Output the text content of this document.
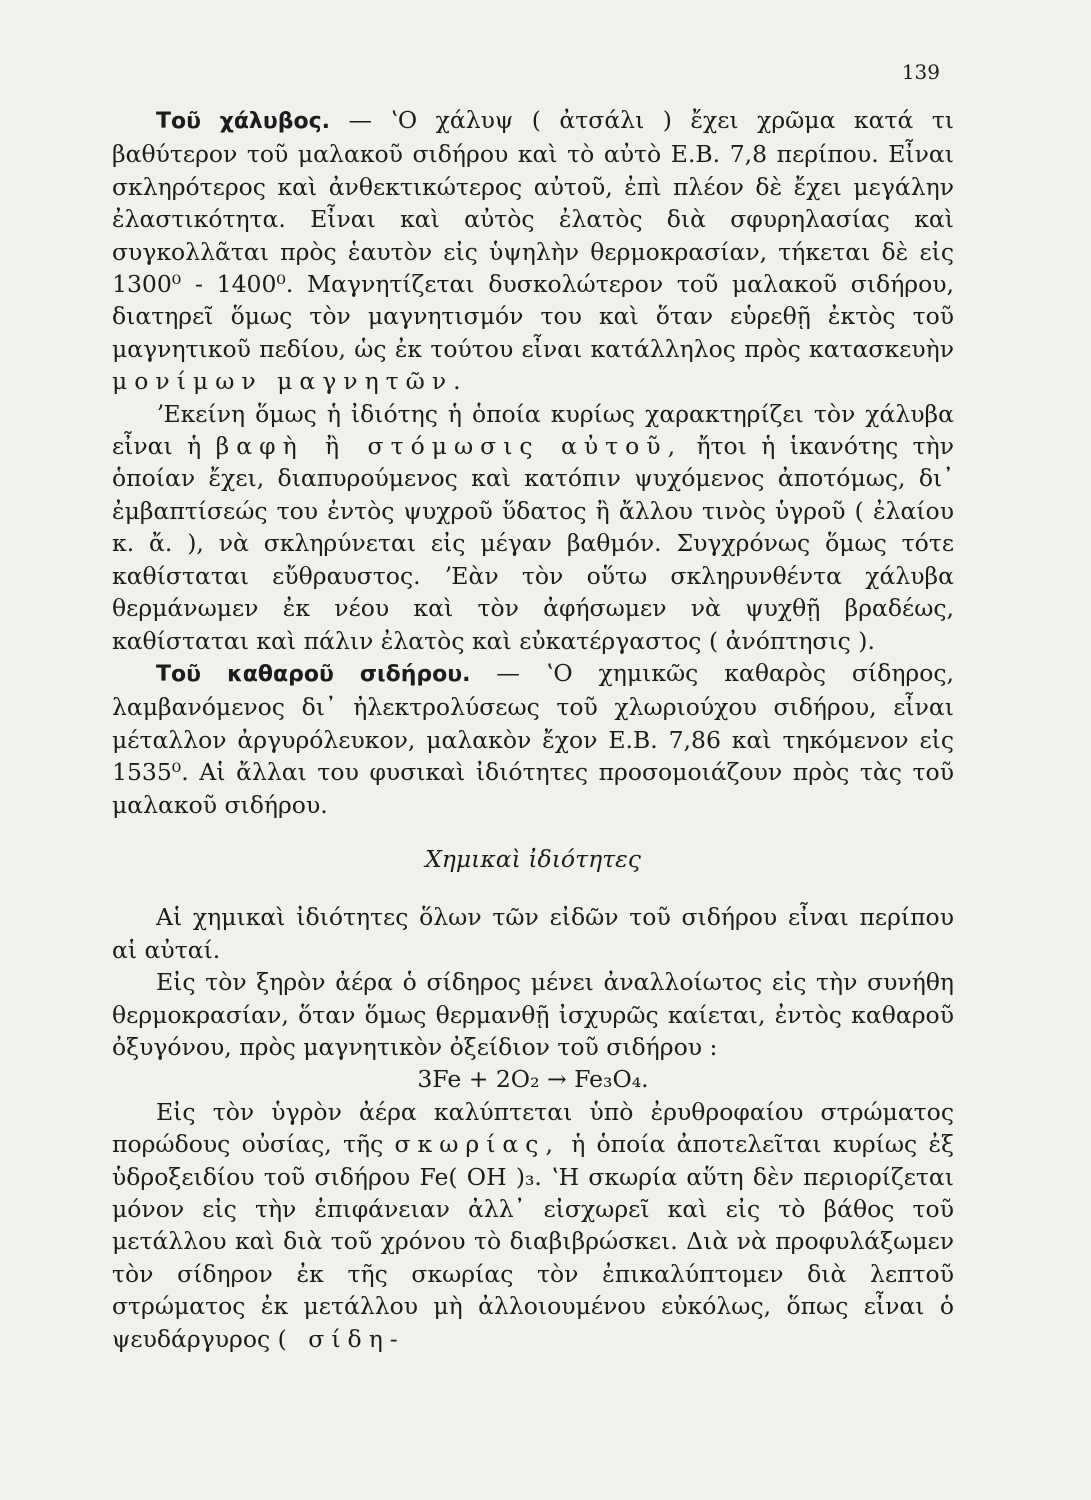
139

Τοῦ χάλυβος. — ʽΟ χάλυψ ( ἀτσάλι ) ἔχει χρῶμα κατά τι βαθύτερον τοῦ μαλακοῦ σιδήρου καὶ τὸ αὐτὸ Ε.Β. 7,8 περίπου. Εἶναι σκληρότερος καὶ ἀνθεκτικώτερος αὐτοῦ, ἐπὶ πλέον δὲ ἔχει μεγάλην ἐλαστικότητα. Εἶναι καὶ αὐτὸς ἐλατὸς διὰ σφυρηλασίας καὶ συγκολλᾶται πρὸς ἑαυτὸν εἰς ὑψηλὴν θερμοκρασίαν, τήκεται δὲ εἰς 1300⁰ - 1400⁰. Μαγνητίζεται δυσκολώτερον τοῦ μαλακοῦ σιδήρου, διατηρεῖ ὅμως τὸν μαγνητισμόν του καὶ ὅταν εὑρεθῇ ἐκτὸς τοῦ μαγνητικοῦ πεδίου, ὡς ἐκ τούτου εἶναι κατάλληλος πρὸς κατασκευὴν μονίμων μαγνητῶν.

ʼΕκείνη ὅμως ἡ ἰδιότης ἡ ὁποία κυρίως χαρακτηρίζει τὸν χάλυβα εἶναι ἡ βαφὴ ἢ στόμωσις αὐτοῦ, ἤτοι ἡ ἱκανότης τὴν ὁποίαν ἔχει, διαπυρούμενος καὶ κατόπιν ψυχόμενος ἀποτόμως, δι᾿ ἐμβαπτίσεώς του ἐντὸς ψυχροῦ ὕδατος ἢ ἄλλου τινὸς ὑγροῦ ( ἐλαίου κ. ἄ. ), νὰ σκληρύνεται εἰς μέγαν βαθμόν. Συγχρόνως ὅμως τότε καθίσταται εὔθραυστος. ʼΕὰν τὸν οὕτω σκληρυνθέντα χάλυβα θερμάνωμεν ἐκ νέου καὶ τὸν ἀφήσωμεν νὰ ψυχθῇ βραδέως, καθίσταται καὶ πάλιν ἐλατὸς καὶ εὐκατέργαστος ( ἀνόπτησις ).

Τοῦ καθαροῦ σιδήρου. — ʽΟ χημικῶς καθαρὸς σίδηρος, λαμβανόμενος δι᾿ ἠλεκτρολύσεως τοῦ χλωριούχου σιδήρου, εἶναι μέταλλον ἀργυρόλευκον, μαλακὸν ἔχον Ε.Β. 7,86 καὶ τηκόμενον εἰς 1535⁰. Αἱ ἄλλαι του φυσικαὶ ἰδιότητες προσομοιάζουν πρὸς τὰς τοῦ μαλακοῦ σιδήρου.

Χημικαὶ ἰδιότητες

Αἱ χημικαὶ ἰδιότητες ὅλων τῶν εἰδῶν τοῦ σιδήρου εἶναι περίπου αἱ αὐταί.

Εἰς τὸν ξηρὸν ἀέρα ὁ σίδηρος μένει ἀναλλοίωτος εἰς τὴν συνήθη θερμοκρασίαν, ὅταν ὅμως θερμανθῇ ἰσχυρῶς καίεται, ἐντὸς καθαροῦ ὀξυγόνου, πρὸς μαγνητικὸν ὀξείδιον τοῦ σιδήρου :

3Fe + 2O₂ → Fe₃O₄.

Εἰς τὸν ὑγρὸν ἀέρα καλύπτεται ὑπὸ ἐρυθροφαίου στρώματος πορώδους οὐσίας, τῆς σκωρίας, ἡ ὁποία ἀποτελεῖται κυρίως ἐξ ὑδροξειδίου τοῦ σιδήρου Fe( OH )₃. ʽΗ σκωρία αὕτη δὲν περιορίζεται μόνον εἰς τὴν ἐπιφάνειαν ἀλλ᾿ εἰσχωρεῖ καὶ εἰς τὸ βάθος τοῦ μετάλλου καὶ διὰ τοῦ χρόνου τὸ διαβιβρώσκει. Διὰ νὰ προφυλάξωμεν τὸν σίδηρον ἐκ τῆς σκωρίας τὸν ἐπικαλύπτομεν διὰ λεπτοῦ στρώματος ἐκ μετάλλου μὴ ἀλλοιουμένου εὐκόλως, ὅπως εἶναι ὁ ψευδάργυρος ( σίδη-
